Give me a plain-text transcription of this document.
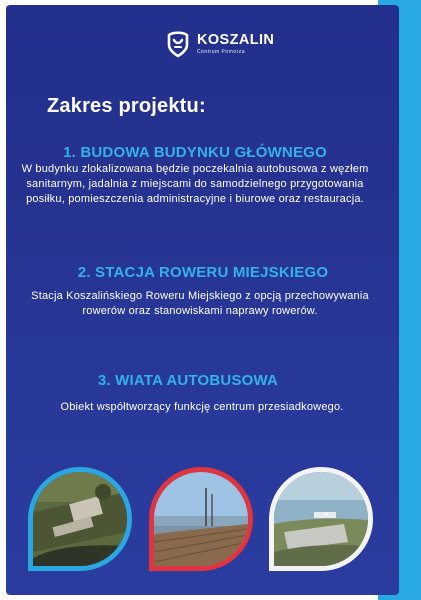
KOSZALIN
Centrum Pomorza
Zakres projektu:
1. BUDOWA BUDYNKU GŁÓWNEGO
W budynku zlokalizowana będzie poczekalnia autobusowa z węzłem sanitarnym, jadalnia z miejscami do samodzielnego przygotowania posiłku, pomieszczenia administracyjne i biurowe oraz restauracja.
2. STACJA ROWERU MIEJSKIEGO
Stacja Koszalińskiego Roweru Miejskiego z opcją przechowywania rowerów oraz stanowiskami naprawy rowerów.
3. WIATA AUTOBUSOWA
Obiekt współtworzący funkcję centrum przesiadkowego.
